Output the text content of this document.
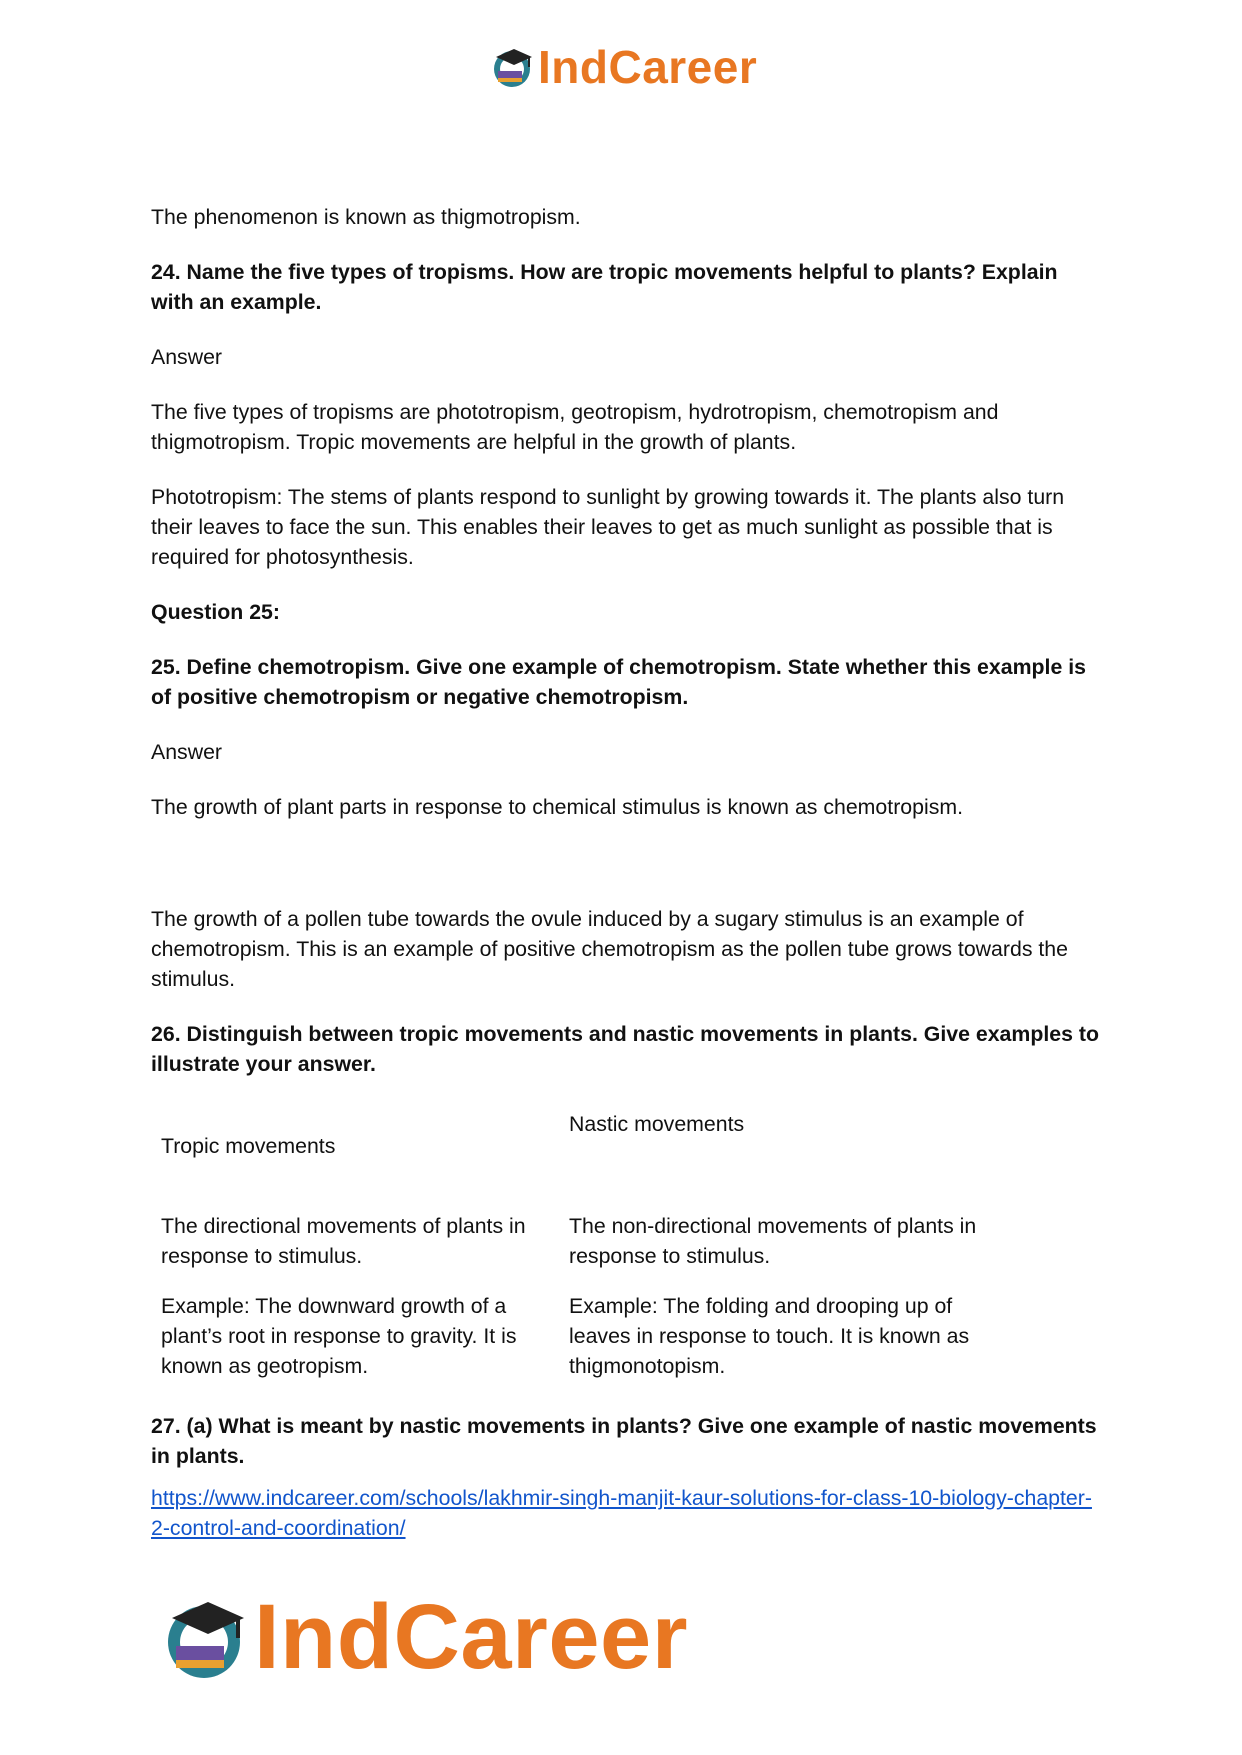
IndCareer

The phenomenon is known as thigmotropism.

24. Name the five types of tropisms. How are tropic movements helpful to plants? Explain with an example.

Answer

The five types of tropisms are phototropism, geotropism, hydrotropism, chemotropism and thigmotropism. Tropic movements are helpful in the growth of plants.

Phototropism: The stems of plants respond to sunlight by growing towards it. The plants also turn their leaves to face the sun. This enables their leaves to get as much sunlight as possible that is required for photosynthesis.

Question 25:

25. Define chemotropism. Give one example of chemotropism. State whether this example is of positive chemotropism or negative chemotropism.

Answer

The growth of plant parts in response to chemical stimulus is known as chemotropism.

The growth of a pollen tube towards the ovule induced by a sugary stimulus is an example of chemotropism. This is an example of positive chemotropism as the pollen tube grows towards the stimulus.

26. Distinguish between tropic movements and nastic movements in plants. Give examples to illustrate your answer.

Tropic movements	Nastic movements
The directional movements of plants in response to stimulus.	The non-directional movements of plants in response to stimulus.
Example: The downward growth of a plant’s root in response to gravity. It is known as geotropism.	Example: The folding and drooping up of leaves in response to touch. It is known as thigmonotopism.

27. (a) What is meant by nastic movements in plants? Give one example of nastic movements in plants.

https://www.indcareer.com/schools/lakhmir-singh-manjit-kaur-solutions-for-class-10-biology-chapter-2-control-and-coordination/

IndCareer
